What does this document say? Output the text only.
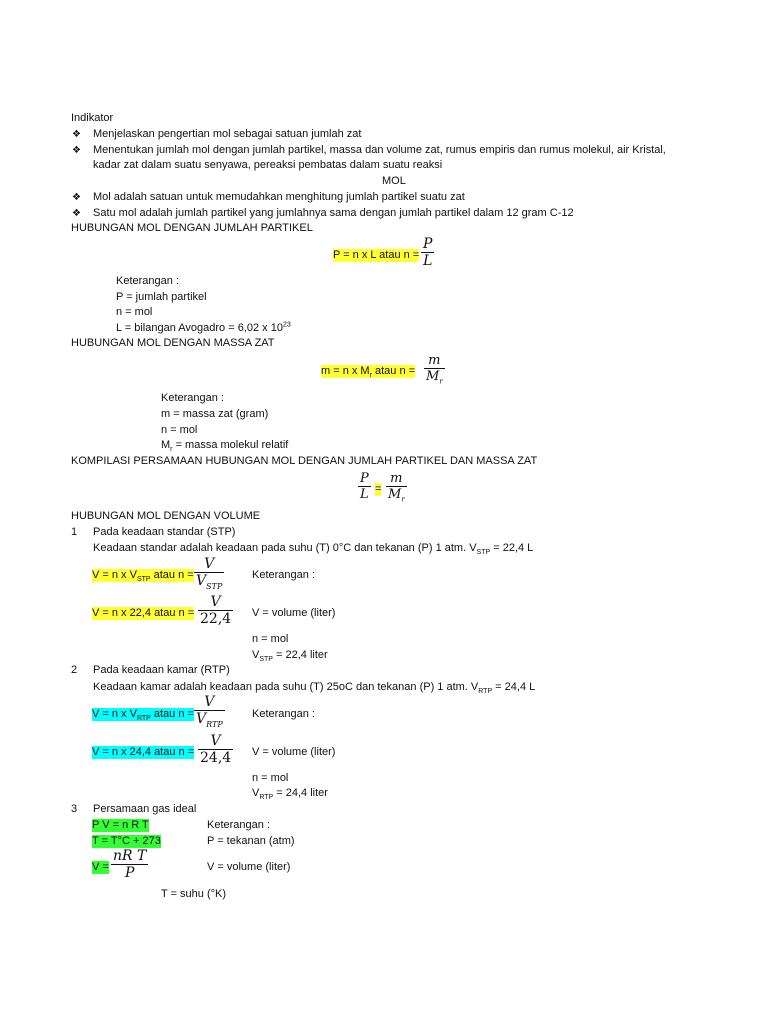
Indikator
❖ Menjelaskan pengertian mol sebagai satuan jumlah zat
❖ Menentukan jumlah mol dengan jumlah partikel, massa dan volume zat, rumus empiris dan rumus molekul, air Kristal,
kadar zat dalam suatu senyawa, pereaksi pembatas dalam suatu reaksi
MOL
❖ Mol adalah satuan untuk memudahkan menghitung jumlah partikel suatu zat
❖ Satu mol adalah jumlah partikel yang jumlahnya sama dengan jumlah partikel dalam 12 gram C-12
HUBUNGAN MOL DENGAN JUMLAH PARTIKEL
P = n x L atau n =
P
L
Keterangan :
P = jumlah partikel
n = mol
L = bilangan Avogadro = 6,02 x $10^{23}$
HUBUNGAN MOL DENGAN MASSA ZAT
m = n x $M_r$ atau n =
m
$M_r$
Keterangan :
m = massa zat (gram)
n = mol
$M_r$ = massa molekul relatif
KOMPILASI PERSAMAAN HUBUNGAN MOL DENGAN JUMLAH PARTIKEL DAN MASSA ZAT
P
L =
m
$M_r$
HUBUNGAN MOL DENGAN VOLUME
1 Pada keadaan standar (STP)
Keadaan standar adalah keadaan pada suhu (T) 0°C dan tekanan (P) 1 atm. $V_{STP} = 22,4$ L
V = n x $V_{STP}$ atau n =
V
$V_{STP}$
Keterangan :
V = n x 22,4 atau n =
V
22,4 V = volume (liter)
n = mol
$V_{STP} = 22,4$ liter
2 Pada keadaan kamar (RTP)
Keadaan kamar adalah keadaan pada suhu (T) 25oC dan tekanan (P) 1 atm. $V_{RTP} = 24,4$ L
V = n x $V_{RTP}$ atau n =
V
$V_{RTP}$
Keterangan :
V = n x 24,4 atau n =
V
24,4 V = volume (liter)
n = mol
$V_{RTP} = 24,4$ liter
3 Persamaan gas ideal
P V = n R T	Keterangan :
T = T°C + 273	P = tekanan (atm)
V =
nR T
P	V = volume (liter)
T = suhu (°K)
